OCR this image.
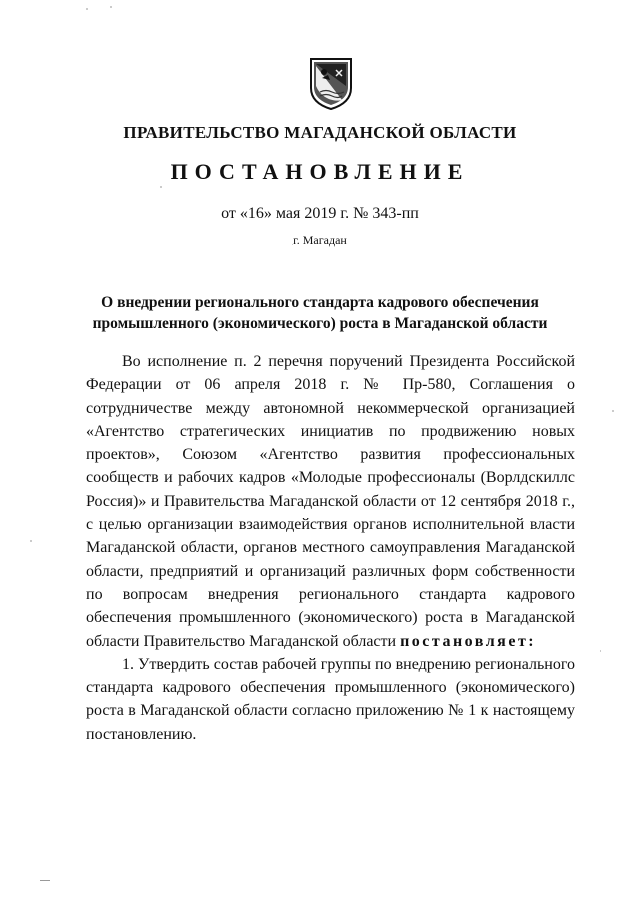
ПРАВИТЕЛЬСТВО МАГАДАНСКОЙ ОБЛАСТИ
ПОСТАНОВЛЕНИЕ
от «16» мая 2019 г. № 343-пп
г. Магадан
О внедрении регионального стандарта кадрового обеспечения
промышленного (экономического) роста в Магаданской области

Во исполнение п. 2 перечня поручений Президента Российской Федерации от 06 апреля 2018 г. № Пр-580, Соглашения о сотрудничестве между автономной некоммерческой организацией «Агентство стратегических инициатив по продвижению новых проектов», Союзом «Агентство развития профессиональных сообществ и рабочих кадров «Молодые профессионалы (Ворлдскиллс Россия)» и Правительства Магаданской области от 12 сентября 2018 г., с целью организации взаимодействия органов исполнительной власти Магаданской области, органов местного самоуправления Магаданской области, предприятий и организаций различных форм собственности по вопросам внедрения регионального стандарта кадрового обеспечения промышленного (экономического) роста в Магаданской области Правительство Магаданской области постановляет:

1. Утвердить состав рабочей группы по внедрению регионального стандарта кадрового обеспечения промышленного (экономического) роста в Магаданской области согласно приложению № 1 к настоящему постановлению.
